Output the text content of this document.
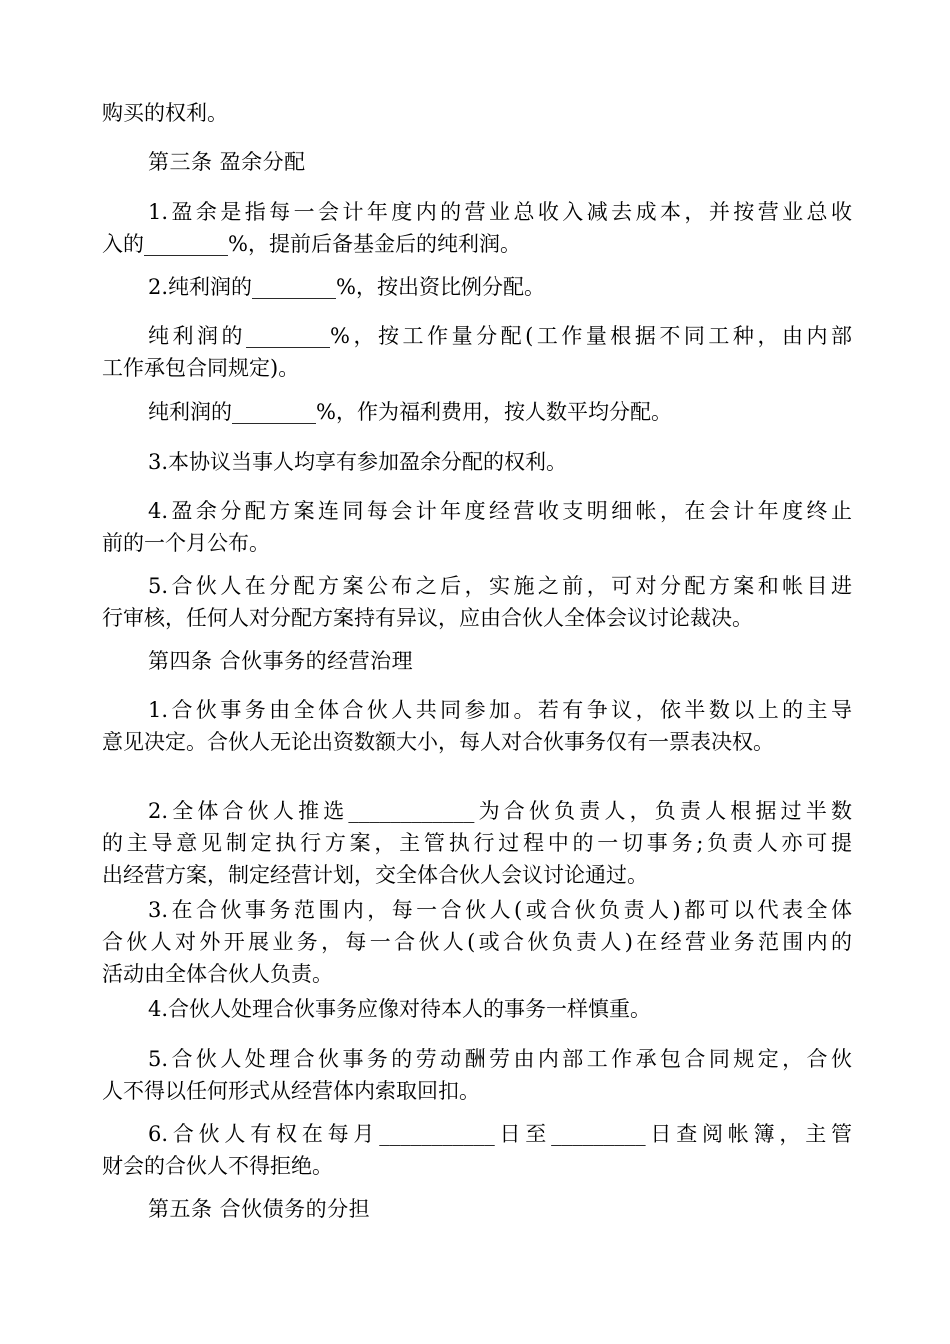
购买的权利。

第三条 盈余分配

1.盈余是指每一会计年度内的营业总收入减去成本，并按营业总收
入的________%，提前后备基金后的纯利润。

2.纯利润的________%，按出资比例分配。

纯利润的________%，按工作量分配(工作量根据不同工种，由内部
工作承包合同规定)。

纯利润的________%，作为福利费用，按人数平均分配。

3.本协议当事人均享有参加盈余分配的权利。

4.盈余分配方案连同每会计年度经营收支明细帐，在会计年度终止
前的一个月公布。

5.合伙人在分配方案公布之后，实施之前，可对分配方案和帐目进
行审核，任何人对分配方案持有异议，应由合伙人全体会议讨论裁决。

第四条 合伙事务的经营治理

1.合伙事务由全体合伙人共同参加。若有争议，依半数以上的主导
意见决定。合伙人无论出资数额大小，每人对合伙事务仅有一票表决权。

2.全体合伙人推选____________为合伙负责人，负责人根据过半数
的主导意见制定执行方案，主管执行过程中的一切事务;负责人亦可提
出经营方案，制定经营计划，交全体合伙人会议讨论通过。

3.在合伙事务范围内，每一合伙人(或合伙负责人)都可以代表全体
合伙人对外开展业务，每一合伙人(或合伙负责人)在经营业务范围内的
活动由全体合伙人负责。

4.合伙人处理合伙事务应像对待本人的事务一样慎重。

5.合伙人处理合伙事务的劳动酬劳由内部工作承包合同规定，合伙
人不得以任何形式从经营体内索取回扣。

6.合伙人有权在每月___________日至_________日查阅帐簿，主管
财会的合伙人不得拒绝。

第五条 合伙债务的分担
